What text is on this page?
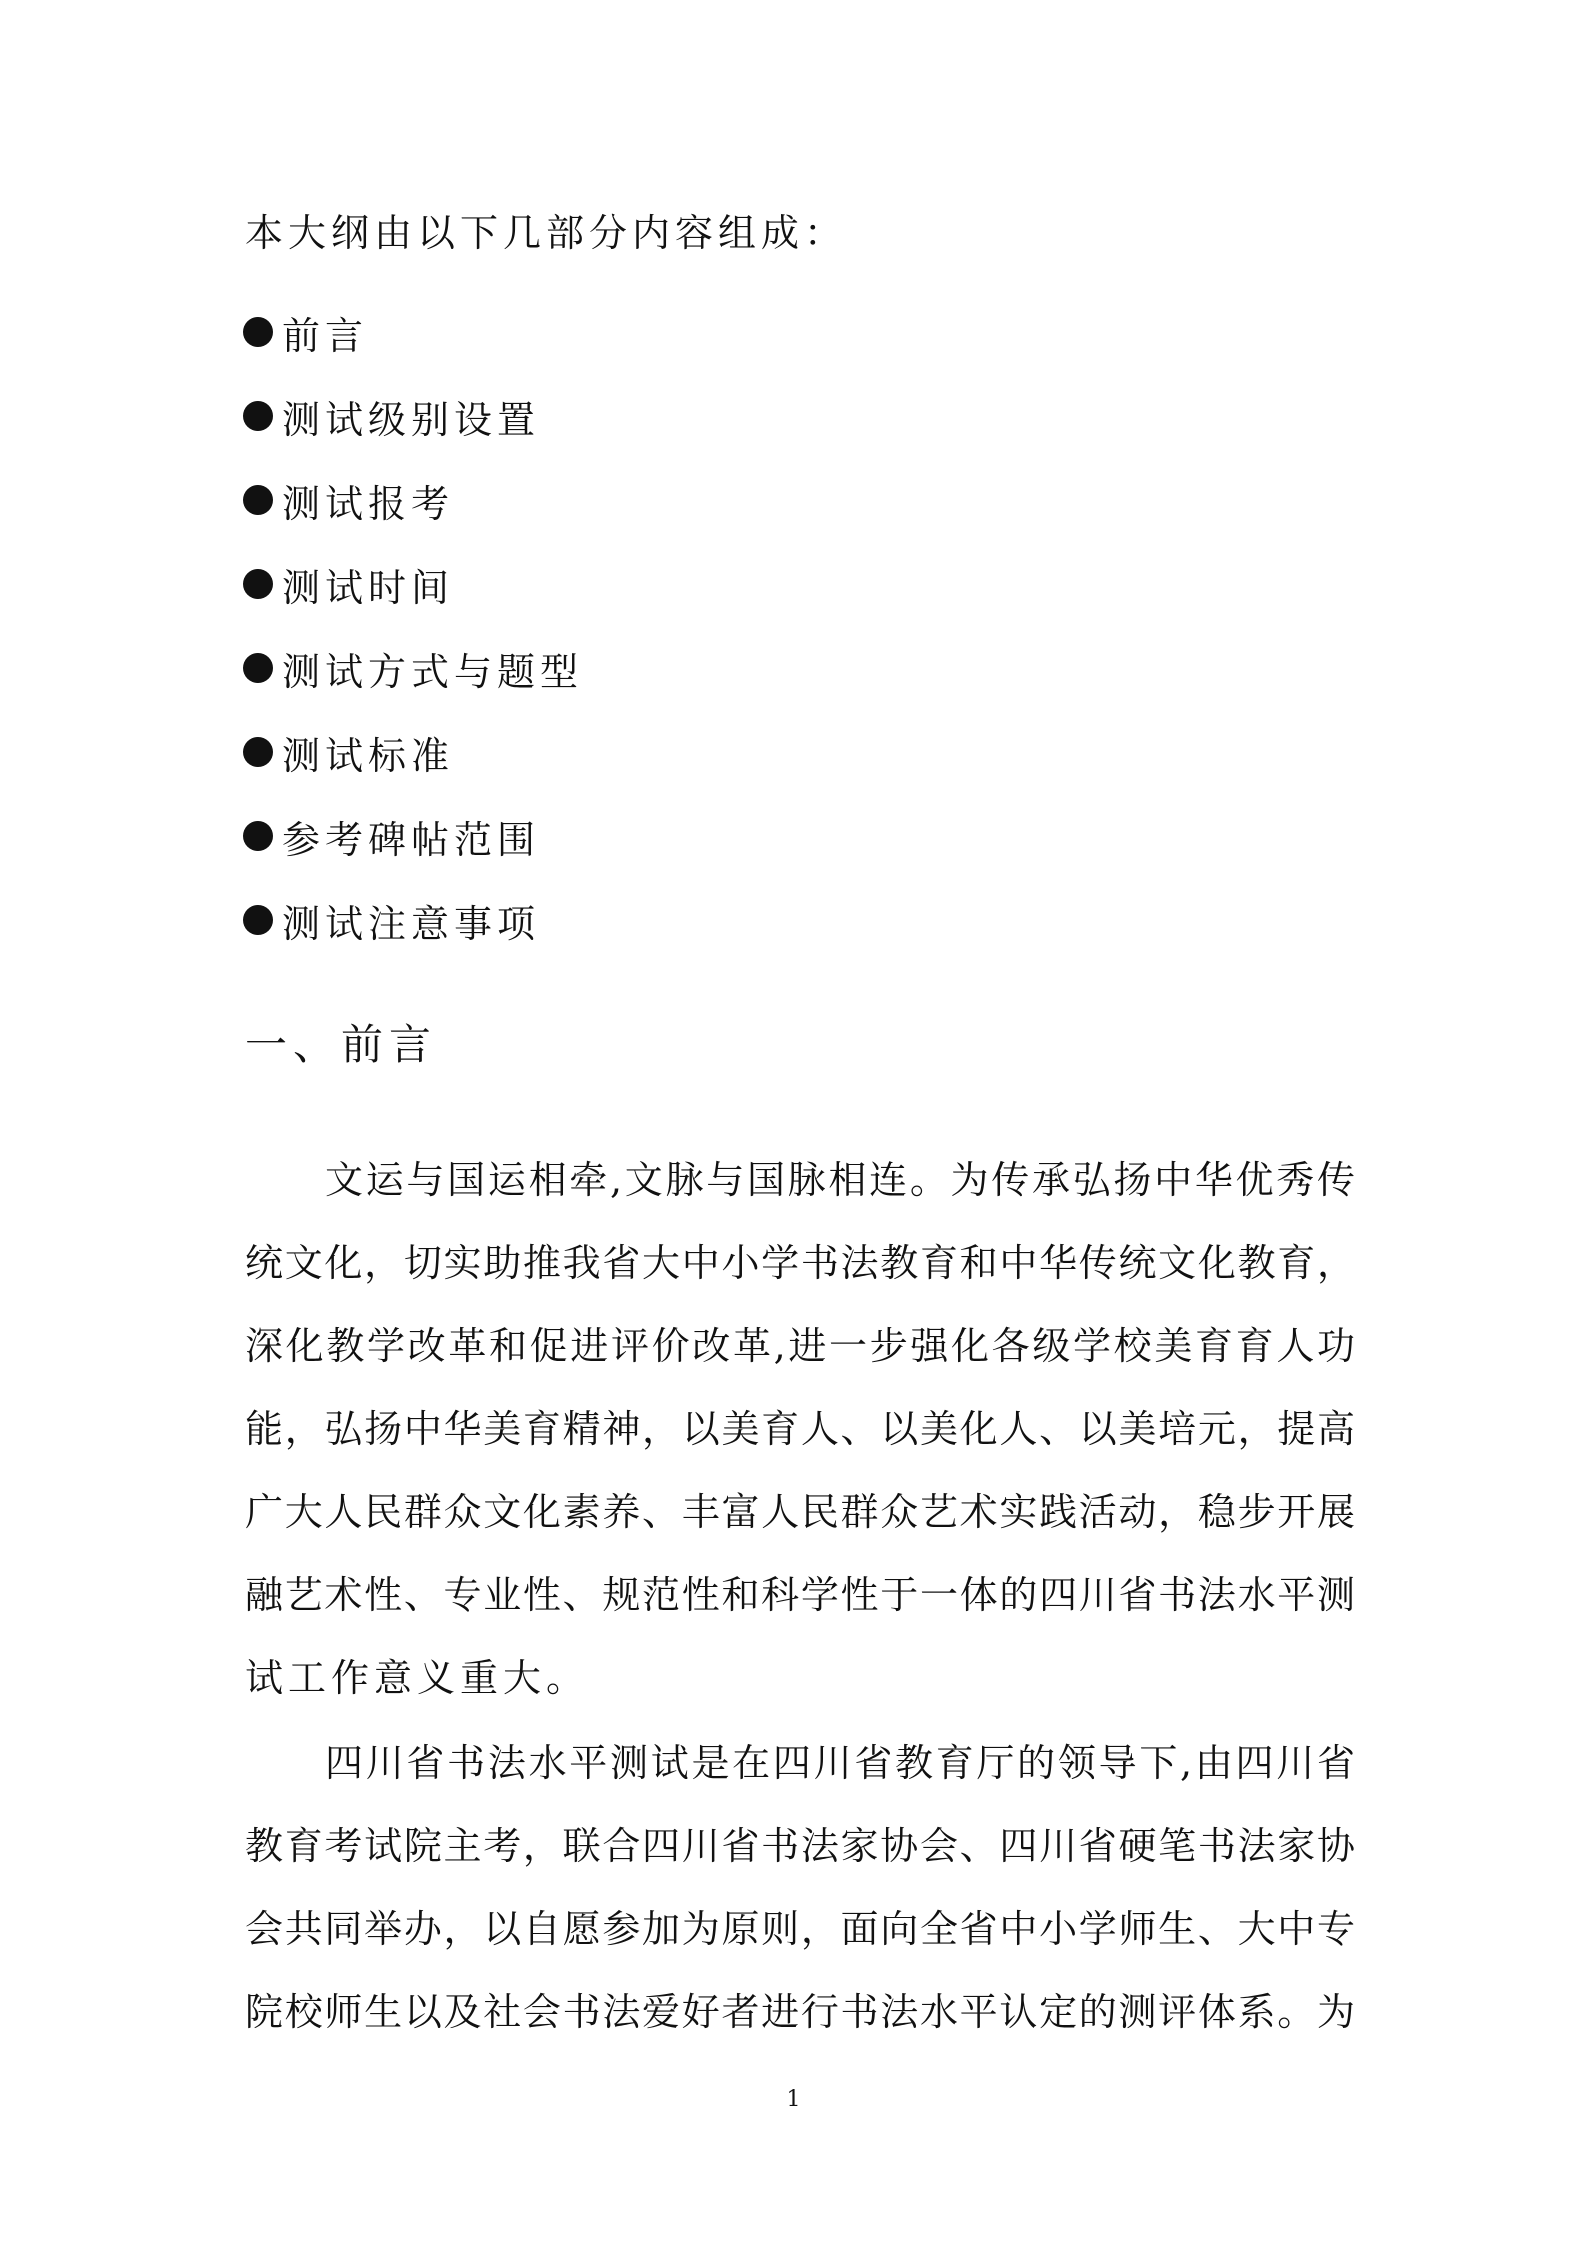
本大纲由以下几部分内容组成：
前言
测试级别设置
测试报考
测试时间
测试方式与题型
测试标准
参考碑帖范围
测试注意事项
一、前言
文运与国运相牵,文脉与国脉相连。为传承弘扬中华优秀传
统文化，切实助推我省大中小学书法教育和中华传统文化教育，
深化教学改革和促进评价改革,进一步强化各级学校美育育人功
能，弘扬中华美育精神，以美育人、以美化人、以美培元，提高
广大人民群众文化素养、丰富人民群众艺术实践活动，稳步开展
融艺术性、专业性、规范性和科学性于一体的四川省书法水平测
试工作意义重大。
四川省书法水平测试是在四川省教育厅的领导下,由四川省
教育考试院主考，联合四川省书法家协会、四川省硬笔书法家协
会共同举办，以自愿参加为原则，面向全省中小学师生、大中专
院校师生以及社会书法爱好者进行书法水平认定的测评体系。为
1
